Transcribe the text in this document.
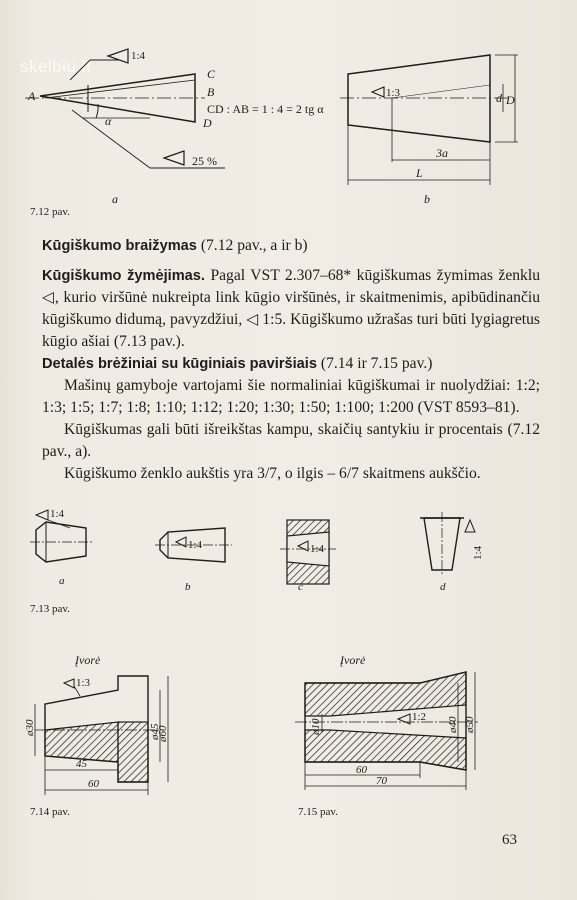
skelbiu.lt
1:4
A
C
B
D
α
CD : AB = 1 : 4 = 2 tg α
25 %
a
1:3	d D
3a
L
b
1:4
1:4	1:4	1:4
a	b	c	d
Įvorė
1:3
ø30	ø45
ø60
45
60
Įvorė
1:2
ø10	ø40 ø50
60
70
7.12 pav.
7.13 pav.
7.14 pav.	7.15 pav.

Kūgiškumo braižymas (7.12 pav., a ir b)

Kūgiškumo žymėjimas. Pagal VST 2.307–68* kūgiškumas žymimas ženklu ◁, kurio viršūnė nukreipta link kūgio viršūnės, ir skaitmenimis, apibūdinančiu kūgiškumo didumą, pavyzdžiui, ◁ 1:5. Kūgiškumo užrašas turi būti lygiagretus kūgio ašiai (7.13 pav.).

Detalės brėžiniai su kūginiais paviršiais (7.14 ir 7.15 pav.)

Mašinų gamyboje vartojami šie normaliniai kūgiškumai ir nuolydžiai: 1:2; 1:3; 1:5; 1:7; 1:8; 1:10; 1:12; 1:20; 1:30; 1:50; 1:100; 1:200 (VST 8593–81).

Kūgiškumas gali būti išreikštas kampu, skaičių santykiu ir procentais (7.12 pav., a).

Kūgiškumo ženklo aukštis yra 3/7, o ilgis – 6/7 skaitmens aukščio.

63
